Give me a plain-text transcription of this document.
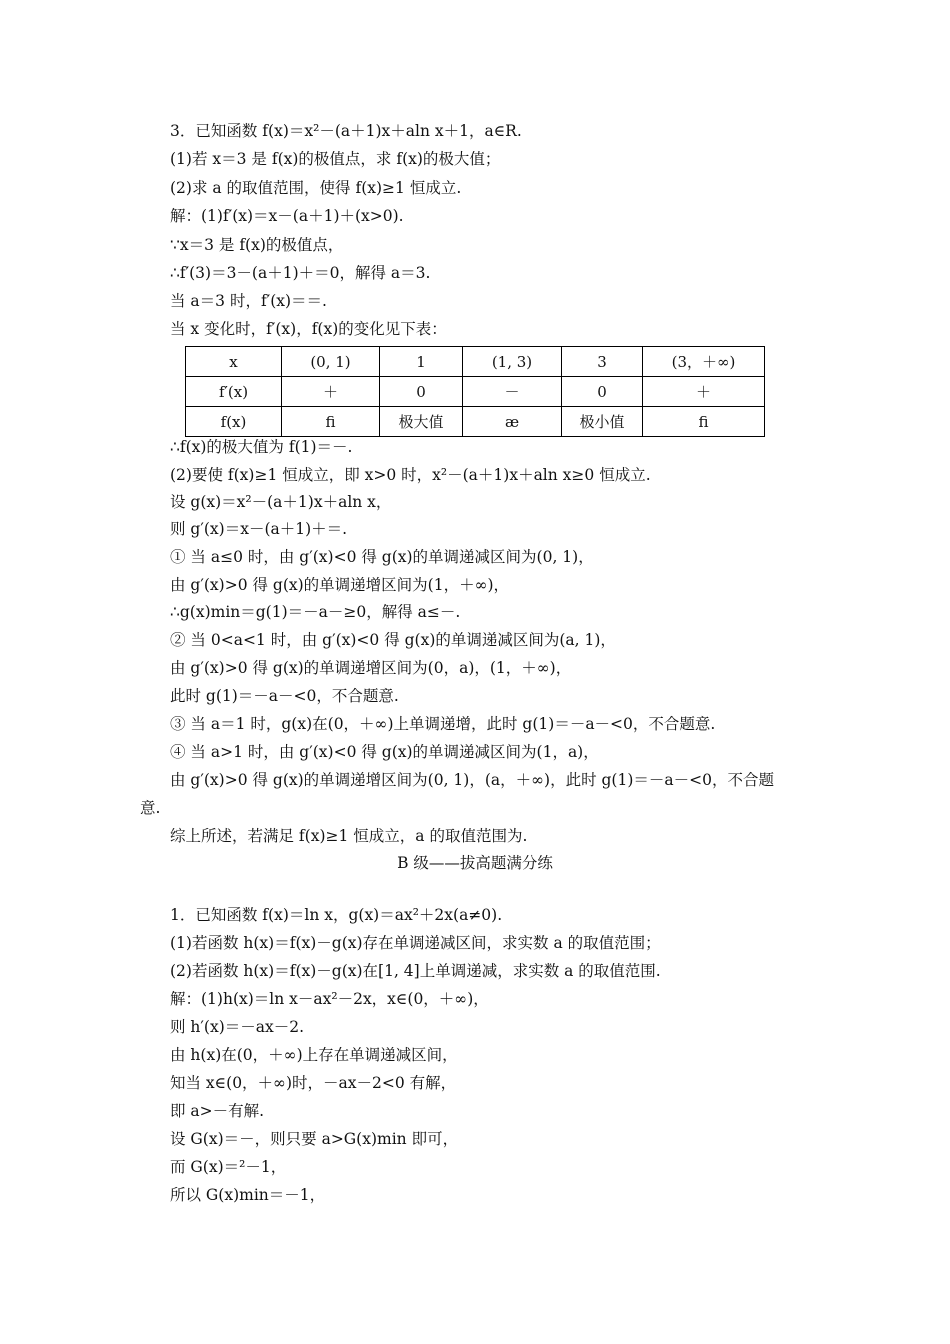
3．已知函数 f(x)＝x²－(a＋1)x＋aln x＋1，a∈R.
(1)若 x＝3 是 f(x)的极值点，求 f(x)的极大值；
(2)求 a 的取值范围，使得 f(x)≥1 恒成立.
解：(1)f′(x)＝x－(a＋1)＋(x>0).
∵x＝3 是 f(x)的极值点，
∴f′(3)＝3－(a＋1)＋＝0，解得 a＝3.
当 a＝3 时，f′(x)＝＝.
当 x 变化时，f′(x)，f(x)的变化见下表：
x	(0, 1)	1	(1, 3)	3	(3，＋∞)
f′(x)	＋	0	－	0	＋
f(x)	ﬁ	极大值	æ	极小值	ﬁ
∴f(x)的极大值为 f(1)＝－.
(2)要使 f(x)≥1 恒成立，即 x>0 时，x²－(a＋1)x＋aln x≥0 恒成立.
设 g(x)＝x²－(a＋1)x＋aln x，
则 g′(x)＝x－(a＋1)＋＝.
① 当 a≤0 时，由 g′(x)<0 得 g(x)的单调递减区间为(0, 1)，
由 g′(x)>0 得 g(x)的单调递增区间为(1，＋∞)，
∴g(x)min＝g(1)＝－a－≥0，解得 a≤－.
② 当 0<a<1 时，由 g′(x)<0 得 g(x)的单调递减区间为(a, 1)，
由 g′(x)>0 得 g(x)的单调递增区间为(0，a)，(1，＋∞)，
此时 g(1)＝－a－<0，不合题意.
③ 当 a＝1 时，g(x)在(0，＋∞)上单调递增，此时 g(1)＝－a－<0，不合题意.
④ 当 a>1 时，由 g′(x)<0 得 g(x)的单调递减区间为(1，a)，
由 g′(x)>0 得 g(x)的单调递增区间为(0, 1)，(a，＋∞)，此时 g(1)＝－a－<0，不合题
意.
综上所述，若满足 f(x)≥1 恒成立，a 的取值范围为.
B 级——拔高题满分练
1．已知函数 f(x)＝ln x，g(x)＝ax²＋2x(a≠0).
(1)若函数 h(x)＝f(x)－g(x)存在单调递减区间，求实数 a 的取值范围；
(2)若函数 h(x)＝f(x)－g(x)在[1, 4]上单调递减，求实数 a 的取值范围.
解：(1)h(x)＝ln x－ax²－2x，x∈(0，＋∞)，
则 h′(x)＝－ax－2.
由 h(x)在(0，＋∞)上存在单调递减区间，
知当 x∈(0，＋∞)时，－ax－2<0 有解，
即 a>－有解.
设 G(x)＝－，则只要 a>G(x)min 即可，
而 G(x)＝²－1，
所以 G(x)min＝－1，
